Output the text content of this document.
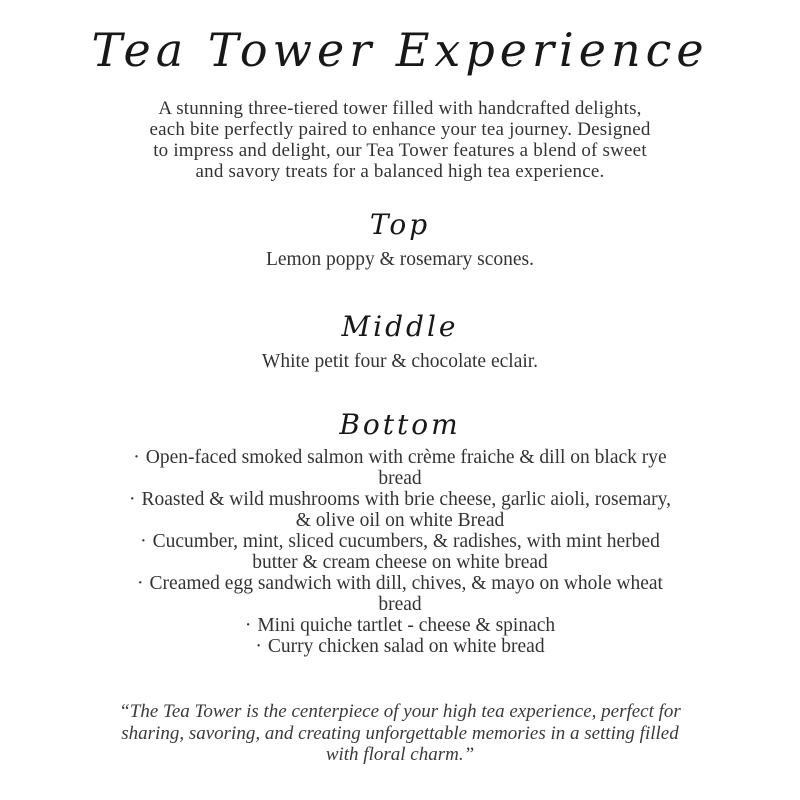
Tea Tower Experience

A stunning three-tiered tower filled with handcrafted delights, each bite perfectly paired to enhance your tea journey. Designed to impress and delight, our Tea Tower features a blend of sweet and savory treats for a balanced high tea experience.

Top

Lemon poppy & rosemary scones.

Middle

White petit four & chocolate eclair.

Bottom
· Open-faced smoked salmon with crème fraiche & dill on black rye bread
· Roasted & wild mushrooms with brie cheese, garlic aioli, rosemary, & olive oil on white Bread
· Cucumber, mint, sliced cucumbers, & radishes, with mint herbed butter & cream cheese on white bread
· Creamed egg sandwich with dill, chives, & mayo on whole wheat bread
· Mini quiche tartlet - cheese & spinach
· Curry chicken salad on white bread

“The Tea Tower is the centerpiece of your high tea experience, perfect for sharing, savoring, and creating unforgettable memories in a setting filled with floral charm.”
